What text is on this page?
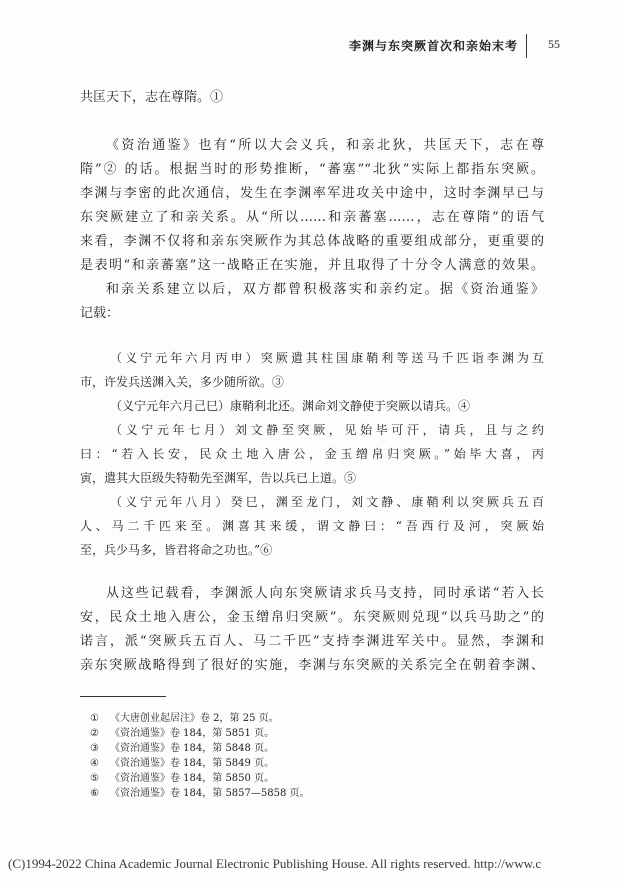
李渊与东突厥首次和亲始末考	55
共匡天下，志在尊隋。①
《资治通鉴》也有“所以大会义兵，和亲北狄，共匡天下，志在尊
隋”② 的话。根据当时的形势推断，“蕃塞”“北狄”实际上都指东突厥。
李渊与李密的此次通信，发生在李渊率军进攻关中途中，这时李渊早已与
东突厥建立了和亲关系。从“所以……和亲蕃塞……，志在尊隋”的语气
来看，李渊不仅将和亲东突厥作为其总体战略的重要组成部分，更重要的
是表明“和亲蕃塞”这一战略正在实施，并且取得了十分令人满意的效果。
和亲关系建立以后，双方都曾积极落实和亲约定。据《资治通鉴》
记载：
（义宁元年六月丙申）突厥遣其柱国康鞘利等送马千匹诣李渊为互
市，许发兵送渊入关，多少随所欲。③
（义宁元年六月己巳）康鞘利北还。渊命刘文静使于突厥以请兵。④
（义宁元年七月）刘文静至突厥，见始毕可汗，请兵，且与之约
曰：“若入长安，民众土地入唐公，金玉缯帛归突厥。”始毕大喜，丙
寅，遣其大臣级失特勒先至渊军，告以兵已上道。⑤
（义宁元年八月）癸巳，渊至龙门，刘文静、康鞘利以突厥兵五百
人、马二千匹来至。渊喜其来缓，谓文静曰：“吾西行及河，突厥始
至，兵少马多，皆君将命之功也。”⑥
从这些记载看，李渊派人向东突厥请求兵马支持，同时承诺“若入长
安，民众土地入唐公，金玉缯帛归突厥”。东突厥则兑现“以兵马助之”的
诺言，派“突厥兵五百人、马二千匹”支持李渊进军关中。显然，李渊和
亲东突厥战略得到了很好的实施，李渊与东突厥的关系完全在朝着李渊、
① 《大唐创业起居注》卷 2，第 25 页。
② 《资治通鉴》卷 184，第 5851 页。
③ 《资治通鉴》卷 184，第 5848 页。
④ 《资治通鉴》卷 184，第 5849 页。
⑤ 《资治通鉴》卷 184，第 5850 页。
⑥ 《资治通鉴》卷 184，第 5857—5858 页。
(C)1994-2022 China Academic Journal Electronic Publishing House. All rights reserved. http://www.c
